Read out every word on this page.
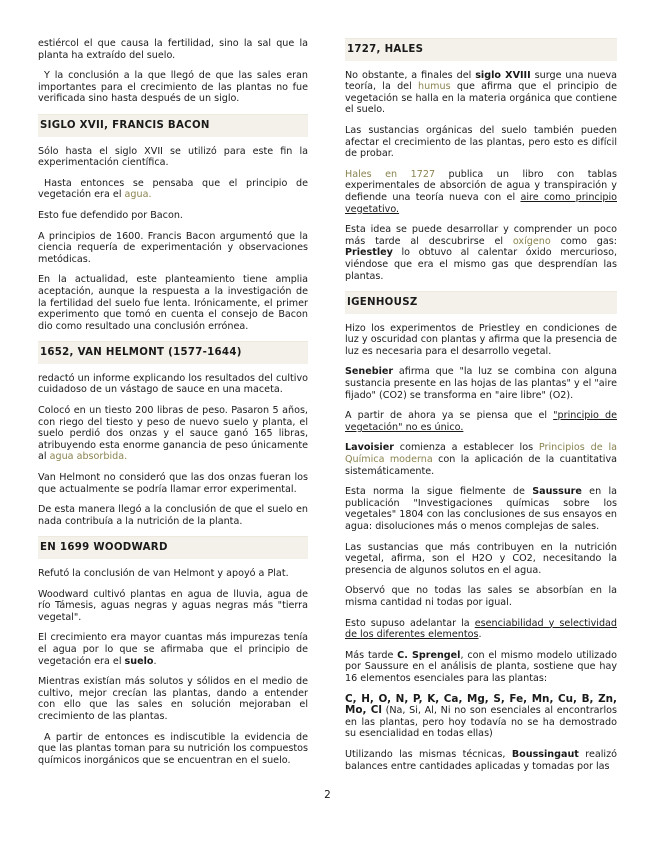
estiércol el que causa la fertilidad, sino la sal que la planta ha extraído del suelo.
Y la conclusión a la que llegó de que las sales eran importantes para el crecimiento de las plantas no fue verificada sino hasta después de un siglo.
SIGLO XVII, FRANCIS BACON
Sólo hasta el siglo XVII se utilizó para este fin la experimentación científica.
Hasta entonces se pensaba que el principio de vegetación era el agua.
Esto fue defendido por Bacon.
A principios de 1600. Francis Bacon argumentó que la ciencia requería de experimentación y observaciones metódicas.
En la actualidad, este planteamiento tiene amplia aceptación, aunque la respuesta a la investigación de la fertilidad del suelo fue lenta. Irónicamente, el primer experimento que tomó en cuenta el consejo de Bacon dio como resultado una conclusión errónea.
1652, VAN HELMONT (1577-1644)
redactó un informe explicando los resultados del cultivo cuidadoso de un vástago de sauce en una maceta.
Colocó en un tiesto 200 libras de peso. Pasaron 5 años, con riego del tiesto y peso de nuevo suelo y planta, el suelo perdió dos onzas y el sauce ganó 165 libras, atribuyendo esta enorme ganancia de peso únicamente al agua absorbida.
Van Helmont no consideró que las dos onzas fueran los que actualmente se podría llamar error experimental.
De esta manera llegó a la conclusión de que el suelo en nada contribuía a la nutrición de la planta.
EN 1699 WOODWARD
Refutó la conclusión de van Helmont y apoyó a Plat.
Woodward cultivó plantas en agua de lluvia, agua de río Támesis, aguas negras y aguas negras más "tierra vegetal".
El crecimiento era mayor cuantas más impurezas tenía el agua por lo que se afirmaba que el principio de vegetación era el suelo.
Mientras existían más solutos y sólidos en el medio de cultivo, mejor crecían las plantas, dando a entender con ello que las sales en solución mejoraban el crecimiento de las plantas.
A partir de entonces es indiscutible la evidencia de que las plantas toman para su nutrición los compuestos químicos inorgánicos que se encuentran en el suelo.
1727, HALES
No obstante, a finales del siglo XVIII surge una nueva teoría, la del humus que afirma que el principio de vegetación se halla en la materia orgánica que contiene el suelo.
Las sustancias orgánicas del suelo también pueden afectar el crecimiento de las plantas, pero esto es difícil de probar.
Hales en 1727 publica un libro con tablas experimentales de absorción de agua y transpiración y defiende una teoría nueva con el aire como principio vegetativo.
Esta idea se puede desarrollar y comprender un poco más tarde al descubrirse el oxígeno como gas: Priestley lo obtuvo al calentar óxido mercurioso, viéndose que era el mismo gas que desprendían las plantas.
IGENHOUSZ
Hizo los experimentos de Priestley en condiciones de luz y oscuridad con plantas y afirma que la presencia de luz es necesaria para el desarrollo vegetal.
Senebier afirma que "la luz se combina con alguna sustancia presente en las hojas de las plantas" y el "aire fijado" (CO2) se transforma en "aire libre" (O2).
A partir de ahora ya se piensa que el "principio de vegetación" no es único.
Lavoisier comienza a establecer los Principios de la Química moderna con la aplicación de la cuantitativa sistemáticamente.
Esta norma la sigue fielmente de Saussure en la publicación "Investigaciones químicas sobre los vegetales" 1804 con las conclusiones de sus ensayos en agua: disoluciones más o menos complejas de sales.
Las sustancias que más contribuyen en la nutrición vegetal, afirma, son el H2O y CO2, necesitando la presencia de algunos solutos en el agua.
Observó que no todas las sales se absorbían en la misma cantidad ni todas por igual.
Esto supuso adelantar la esenciabilidad y selectividad de los diferentes elementos.
Más tarde C. Sprengel, con el mismo modelo utilizado por Saussure en el análisis de planta, sostiene que hay 16 elementos esenciales para las plantas:
C, H, O, N, P, K, Ca, Mg, S, Fe, Mn, Cu, B, Zn, Mo, Cl (Na, Si, Al, Ni no son esenciales al encontrarlos en las plantas, pero hoy todavía no se ha demostrado su esencialidad en todas ellas)
Utilizando las mismas técnicas, Boussingaut realizó balances entre cantidades aplicadas y tomadas por las
2
